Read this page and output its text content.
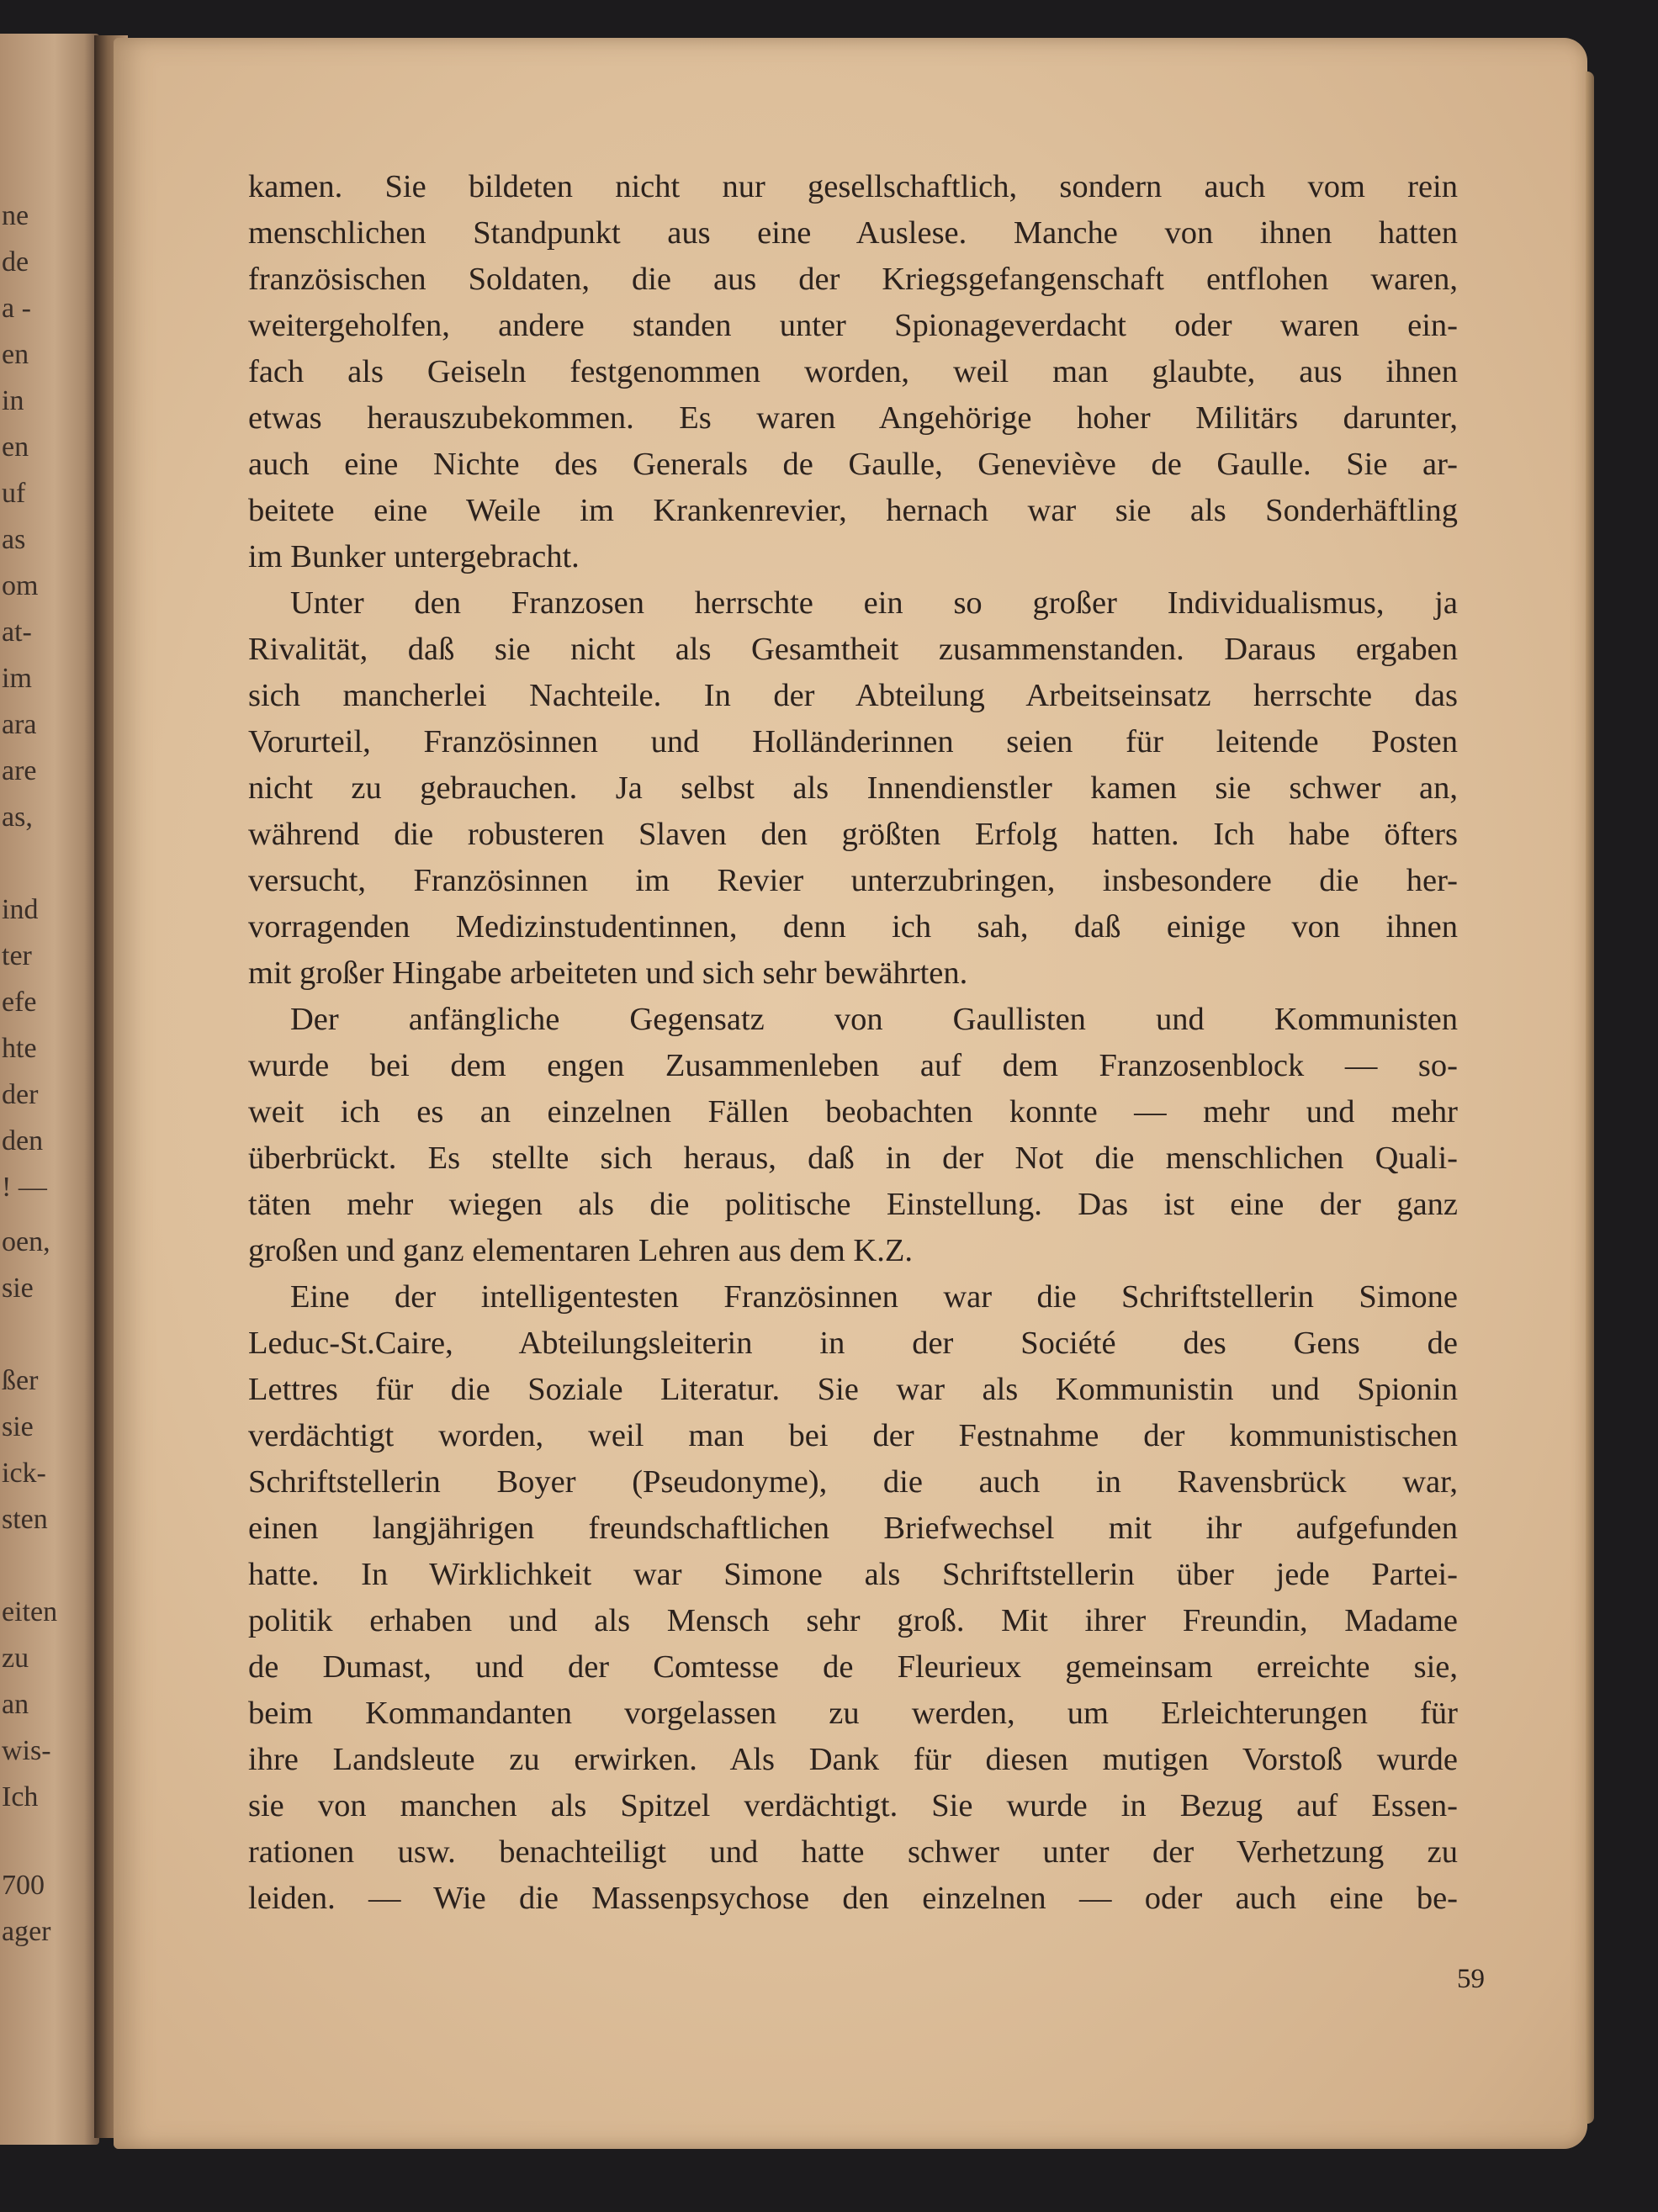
ne
de
a -
en
in
en
uf
as
om
at-
im
ara
are
as,
ind
ter
efe
hte
der
den
! —
oen,
sie
ßer
sie
ick-
sten
eiten
zu
an
wis-
Ich
700
ager
kamen. Sie bildeten nicht nur gesellschaftlich, sondern auch vom rein
menschlichen Standpunkt aus eine Auslese. Manche von ihnen hatten
französischen Soldaten, die aus der Kriegsgefangenschaft entflohen waren,
weitergeholfen, andere standen unter Spionageverdacht oder waren ein-
fach als Geiseln festgenommen worden, weil man glaubte, aus ihnen
etwas herauszubekommen. Es waren Angehörige hoher Militärs darunter,
auch eine Nichte des Generals de Gaulle, Geneviève de Gaulle. Sie ar-
beitete eine Weile im Krankenrevier, hernach war sie als Sonderhäftling
im Bunker untergebracht.
Unter den Franzosen herrschte ein so großer Individualismus, ja
Rivalität, daß sie nicht als Gesamtheit zusammenstanden. Daraus ergaben
sich mancherlei Nachteile. In der Abteilung Arbeitseinsatz herrschte das
Vorurteil, Französinnen und Holländerinnen seien für leitende Posten
nicht zu gebrauchen. Ja selbst als Innendienstler kamen sie schwer an,
während die robusteren Slaven den größten Erfolg hatten. Ich habe öfters
versucht, Französinnen im Revier unterzubringen, insbesondere die her-
vorragenden Medizinstudentinnen, denn ich sah, daß einige von ihnen
mit großer Hingabe arbeiteten und sich sehr bewährten.
Der anfängliche Gegensatz von Gaullisten und Kommunisten
wurde bei dem engen Zusammenleben auf dem Franzosenblock — so-
weit ich es an einzelnen Fällen beobachten konnte — mehr und mehr
überbrückt. Es stellte sich heraus, daß in der Not die menschlichen Quali-
täten mehr wiegen als die politische Einstellung. Das ist eine der ganz
großen und ganz elementaren Lehren aus dem K.Z.
Eine der intelligentesten Französinnen war die Schriftstellerin Simone
Leduc-St.Caire, Abteilungsleiterin in der Société des Gens de
Lettres für die Soziale Literatur. Sie war als Kommunistin und Spionin
verdächtigt worden, weil man bei der Festnahme der kommunistischen
Schriftstellerin Boyer (Pseudonyme), die auch in Ravensbrück war,
einen langjährigen freundschaftlichen Briefwechsel mit ihr aufgefunden
hatte. In Wirklichkeit war Simone als Schriftstellerin über jede Partei-
politik erhaben und als Mensch sehr groß. Mit ihrer Freundin, Madame
de Dumast, und der Comtesse de Fleurieux gemeinsam erreichte sie,
beim Kommandanten vorgelassen zu werden, um Erleichterungen für
ihre Landsleute zu erwirken. Als Dank für diesen mutigen Vorstoß wurde
sie von manchen als Spitzel verdächtigt. Sie wurde in Bezug auf Essen-
rationen usw. benachteiligt und hatte schwer unter der Verhetzung zu
leiden. — Wie die Massenpsychose den einzelnen — oder auch eine be-
59
